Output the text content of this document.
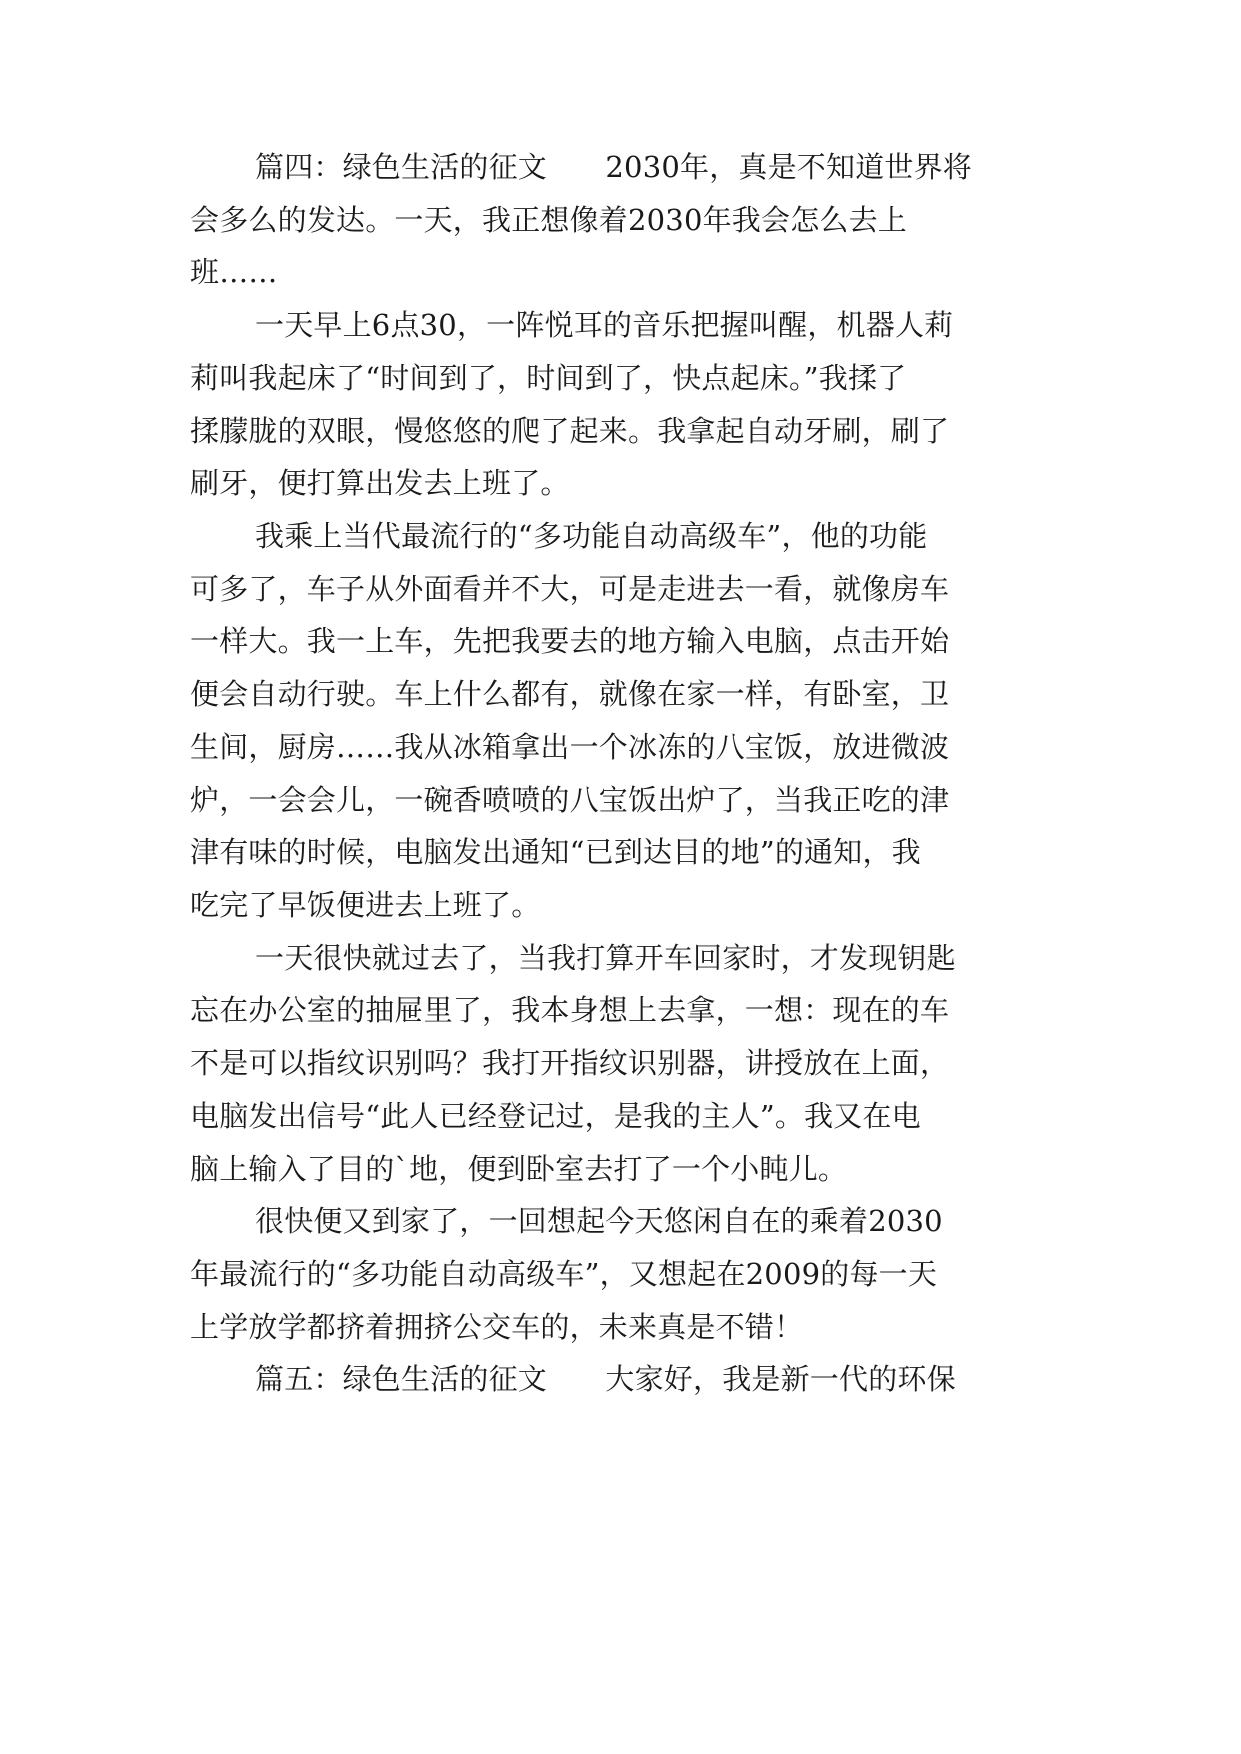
篇四：绿色生活的征文　　2030年，真是不知道世界将
会多么的发达。一天，我正想像着2030年我会怎么去上
班……
一天早上6点30，一阵悦耳的音乐把握叫醒，机器人莉
莉叫我起床了“时间到了，时间到了，快点起床。”我揉了
揉朦胧的双眼，慢悠悠的爬了起来。我拿起自动牙刷，刷了
刷牙，便打算出发去上班了。
我乘上当代最流行的“多功能自动高级车”，他的功能
可多了，车子从外面看并不大，可是走进去一看，就像房车
一样大。我一上车，先把我要去的地方输入电脑，点击开始
便会自动行驶。车上什么都有，就像在家一样，有卧室，卫
生间，厨房……我从冰箱拿出一个冰冻的八宝饭，放进微波
炉，一会会儿，一碗香喷喷的八宝饭出炉了，当我正吃的津
津有味的时候，电脑发出通知“已到达目的地”的通知，我
吃完了早饭便进去上班了。
一天很快就过去了，当我打算开车回家时，才发现钥匙
忘在办公室的抽屉里了，我本身想上去拿，一想：现在的车
不是可以指纹识别吗？我打开指纹识别器，讲授放在上面，
电脑发出信号“此人已经登记过，是我的主人”。我又在电
脑上输入了目的`地，便到卧室去打了一个小盹儿。
很快便又到家了，一回想起今天悠闲自在的乘着2030
年最流行的“多功能自动高级车”，又想起在2009的每一天
上学放学都挤着拥挤公交车的，未来真是不错！
篇五：绿色生活的征文　　大家好，我是新一代的环保
